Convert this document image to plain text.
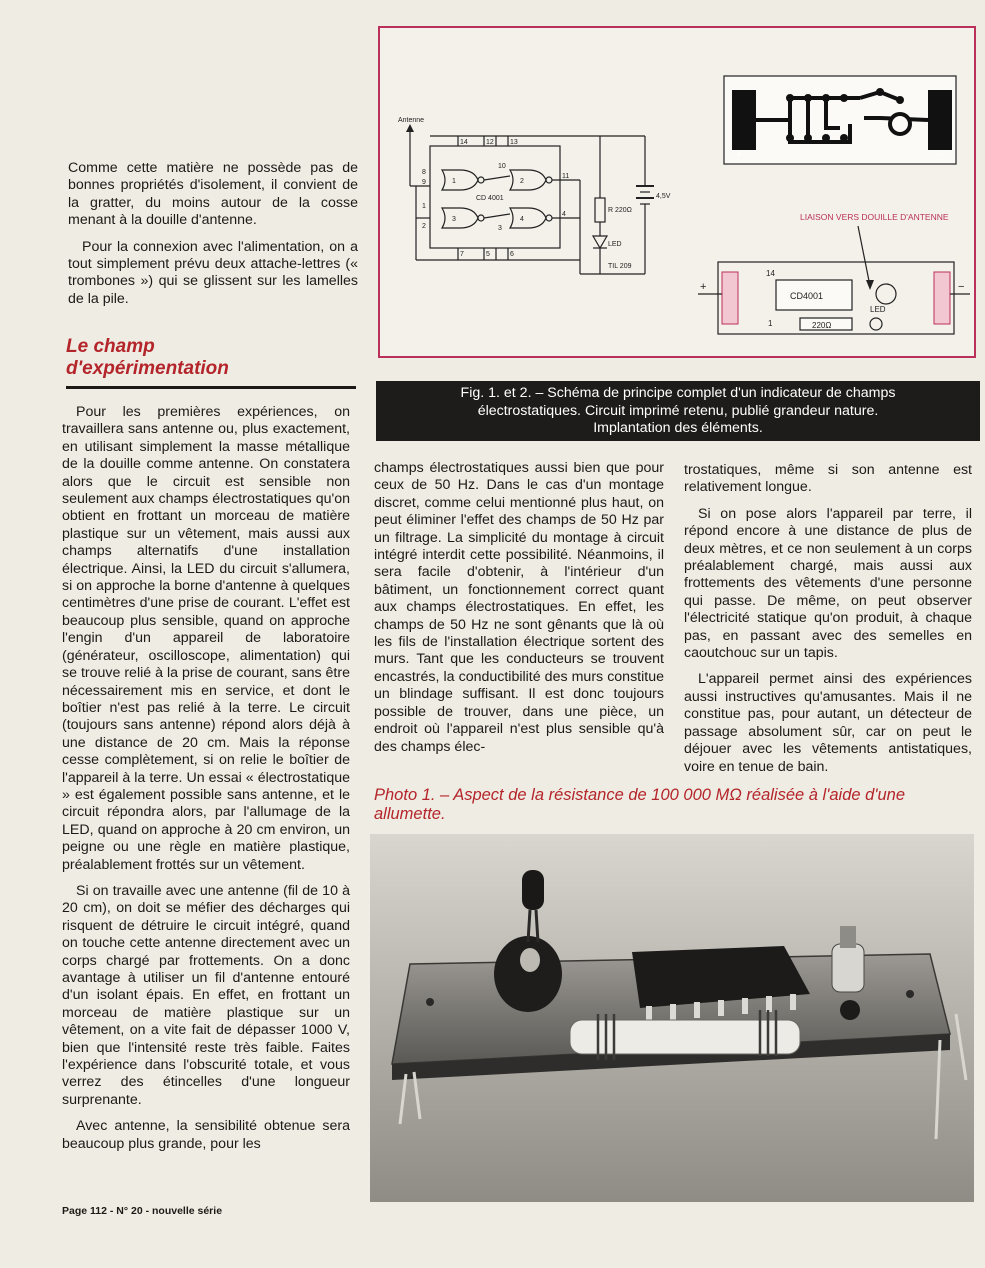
Comme cette matière ne possède pas de bonnes propriétés d'isolement, il convient de la gratter, du moins autour de la cosse menant à la douille d'antenne.

Pour la connexion avec l'alimentation, on a tout simplement prévu deux attache-lettres (« trombones ») qui se glissent sur les lamelles de la pile.

Le champ
d'expérimentation

Pour les premières expériences, on travaillera sans antenne ou, plus exactement, en utilisant simplement la masse métallique de la douille comme antenne. On constatera alors que le circuit est sensible non seulement aux champs électrostatiques qu'on obtient en frottant un morceau de matière plastique sur un vêtement, mais aussi aux champs alternatifs d'une installation électrique. Ainsi, la LED du circuit s'allumera, si on approche la borne d'antenne à quelques centimètres d'une prise de courant. L'effet est beaucoup plus sensible, quand on approche l'engin d'un appareil de laboratoire (générateur, oscilloscope, alimentation) qui se trouve relié à la prise de courant, sans être nécessairement mis en service, et dont le boîtier n'est pas relié à la terre. Le circuit (toujours sans antenne) répond alors déjà à une distance de 20 cm. Mais la réponse cesse complètement, si on relie le boîtier de l'appareil à la terre. Un essai « électrostatique » est également possible sans antenne, et le circuit répondra alors, par l'allumage de la LED, quand on approche à 20 cm environ, un peigne ou une règle en matière plastique, préalablement frottés sur un vêtement.

Si on travaille avec une antenne (fil de 10 à 20 cm), on doit se méfier des décharges qui risquent de détruire le circuit intégré, quand on touche cette antenne directement avec un corps chargé par frottements. On a donc avantage à utiliser un fil d'antenne entouré d'un isolant épais. En effet, en frottant un morceau de matière plastique sur un vêtement, on a vite fait de dépasser 1000 V, bien que l'intensité reste très faible. Faites l'expérience dans l'obscurité totale, et vous verrez des étincelles d'une longueur surprenante.

Avec antenne, la sensibilité obtenue sera beaucoup plus grande, pour les

Antenne
CD 4001
1
3
2
4
14	12 13
8
9
1
2
7	5	6
11
4
10
3
R 220Ω
4,5V
LED
TIL 209
+	−
LIAISON VERS DOUILLE D'ANTENNE
CD4001
14
1	220Ω
LED
+	−
Fig. 1. et 2. – Schéma de principe complet d'un indicateur de champs
électrostatiques. Circuit imprimé retenu, publié grandeur nature.
Implantation des éléments.

champs électrostatiques aussi bien que pour ceux de 50 Hz. Dans le cas d'un montage discret, comme celui mentionné plus haut, on peut éliminer l'effet des champs de 50 Hz par un filtrage. La simplicité du montage à circuit intégré interdit cette possibilité. Néanmoins, il sera facile d'obtenir, à l'intérieur d'un bâtiment, un fonctionnement correct quant aux champs électrostatiques. En effet, les champs de 50 Hz ne sont gênants que là où les fils de l'installation électrique sortent des murs. Tant que les conducteurs se trouvent encastrés, la conductibilité des murs constitue un blindage suffisant. Il est donc toujours possible de trouver, dans une pièce, un endroit où l'appareil n'est plus sensible qu'à des champs élec-

trostatiques, même si son antenne est relativement longue.

Si on pose alors l'appareil par terre, il répond encore à une distance de plus de deux mètres, et ce non seulement à un corps préalablement chargé, mais aussi aux frottements des vêtements d'une personne qui passe. De même, on peut observer l'électricité statique qu'on produit, à chaque pas, en passant avec des semelles en caoutchouc sur un tapis.

L'appareil permet ainsi des expériences aussi instructives qu'amusantes. Mais il ne constitue pas, pour autant, un détecteur de passage absolument sûr, car on peut le déjouer avec les vêtements antistatiques, voire en tenue de bain.

Photo 1. – Aspect de la résistance de 100 000 MΩ réalisée à l'aide d'une allumette.
Page 112 - N° 20 - nouvelle série
